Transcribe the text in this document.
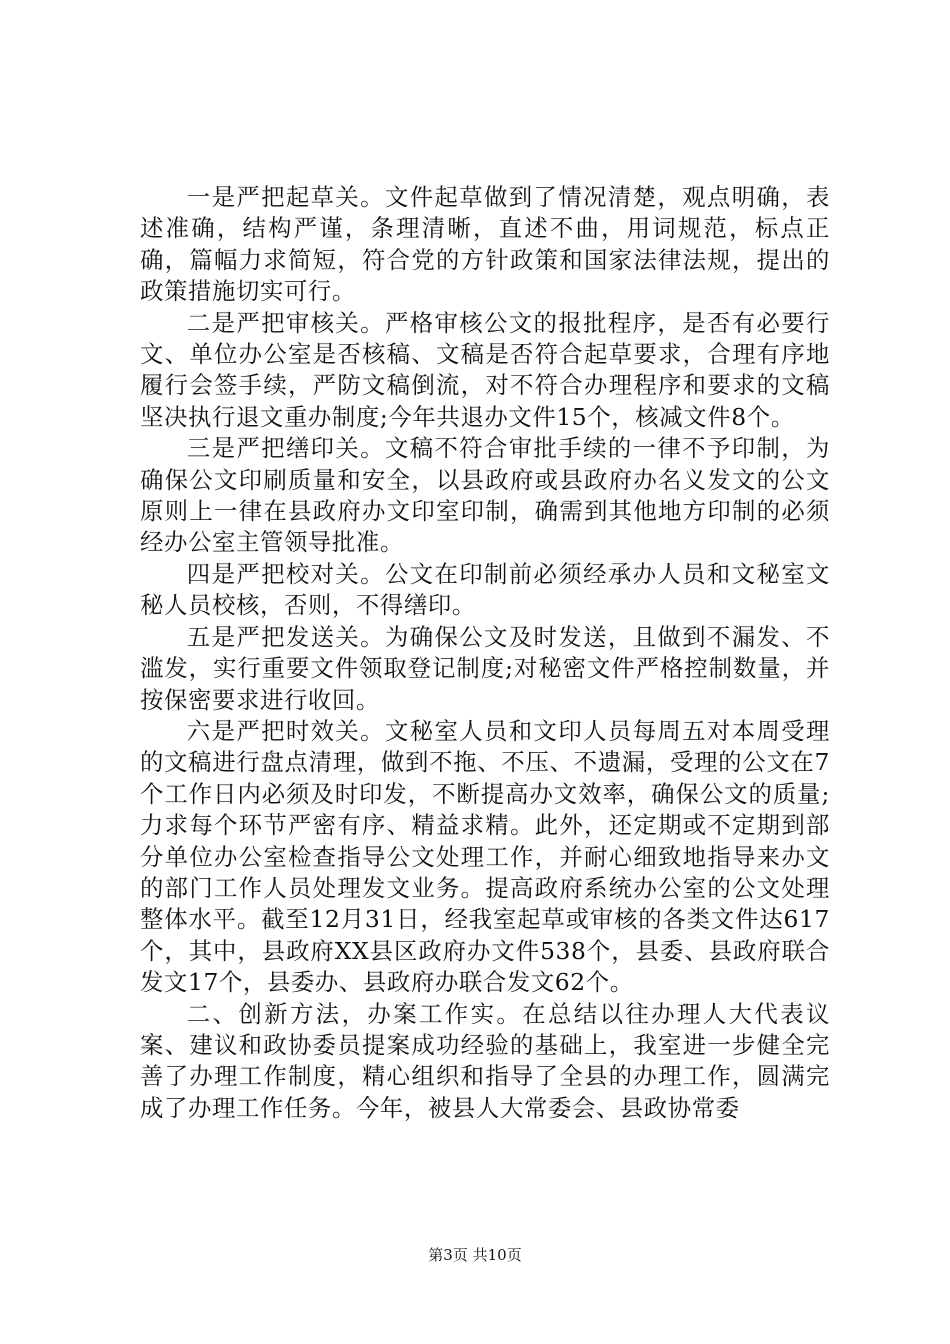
一是严把起草关。文件起草做到了情况清楚，观点明确，表述准确，结构严谨，条理清晰，直述不曲，用词规范，标点正确，篇幅力求简短，符合党的方针政策和国家法律法规，提出的政策措施切实可行。

二是严把审核关。严格审核公文的报批程序，是否有必要行文、单位办公室是否核稿、文稿是否符合起草要求，合理有序地履行会签手续，严防文稿倒流，对不符合办理程序和要求的文稿坚决执行退文重办制度;今年共退办文件15个，核减文件8个。

三是严把缮印关。文稿不符合审批手续的一律不予印制，为确保公文印刷质量和安全，以县政府或县政府办名义发文的公文原则上一律在县政府办文印室印制，确需到其他地方印制的必须经办公室主管领导批准。

四是严把校对关。公文在印制前必须经承办人员和文秘室文秘人员校核，否则，不得缮印。

五是严把发送关。为确保公文及时发送，且做到不漏发、不滥发，实行重要文件领取登记制度;对秘密文件严格控制数量，并按保密要求进行收回。

六是严把时效关。文秘室人员和文印人员每周五对本周受理的文稿进行盘点清理，做到不拖、不压、不遗漏，受理的公文在7个工作日内必须及时印发，不断提高办文效率，确保公文的质量;力求每个环节严密有序、精益求精。此外，还定期或不定期到部分单位办公室检查指导公文处理工作，并耐心细致地指导来办文的部门工作人员处理发文业务。提高政府系统办公室的公文处理整体水平。截至12月31日，经我室起草或审核的各类文件达617个，其中，县政府XX县区政府办文件538个，县委、县政府联合发文17个，县委办、县政府办联合发文62个。

二、创新方法，办案工作实。在总结以往办理人大代表议案、建议和政协委员提案成功经验的基础上，我室进一步健全完善了办理工作制度，精心组织和指导了全县的办理工作，圆满完成了办理工作任务。今年，被县人大常委会、县政协常委

第3页 共10页
